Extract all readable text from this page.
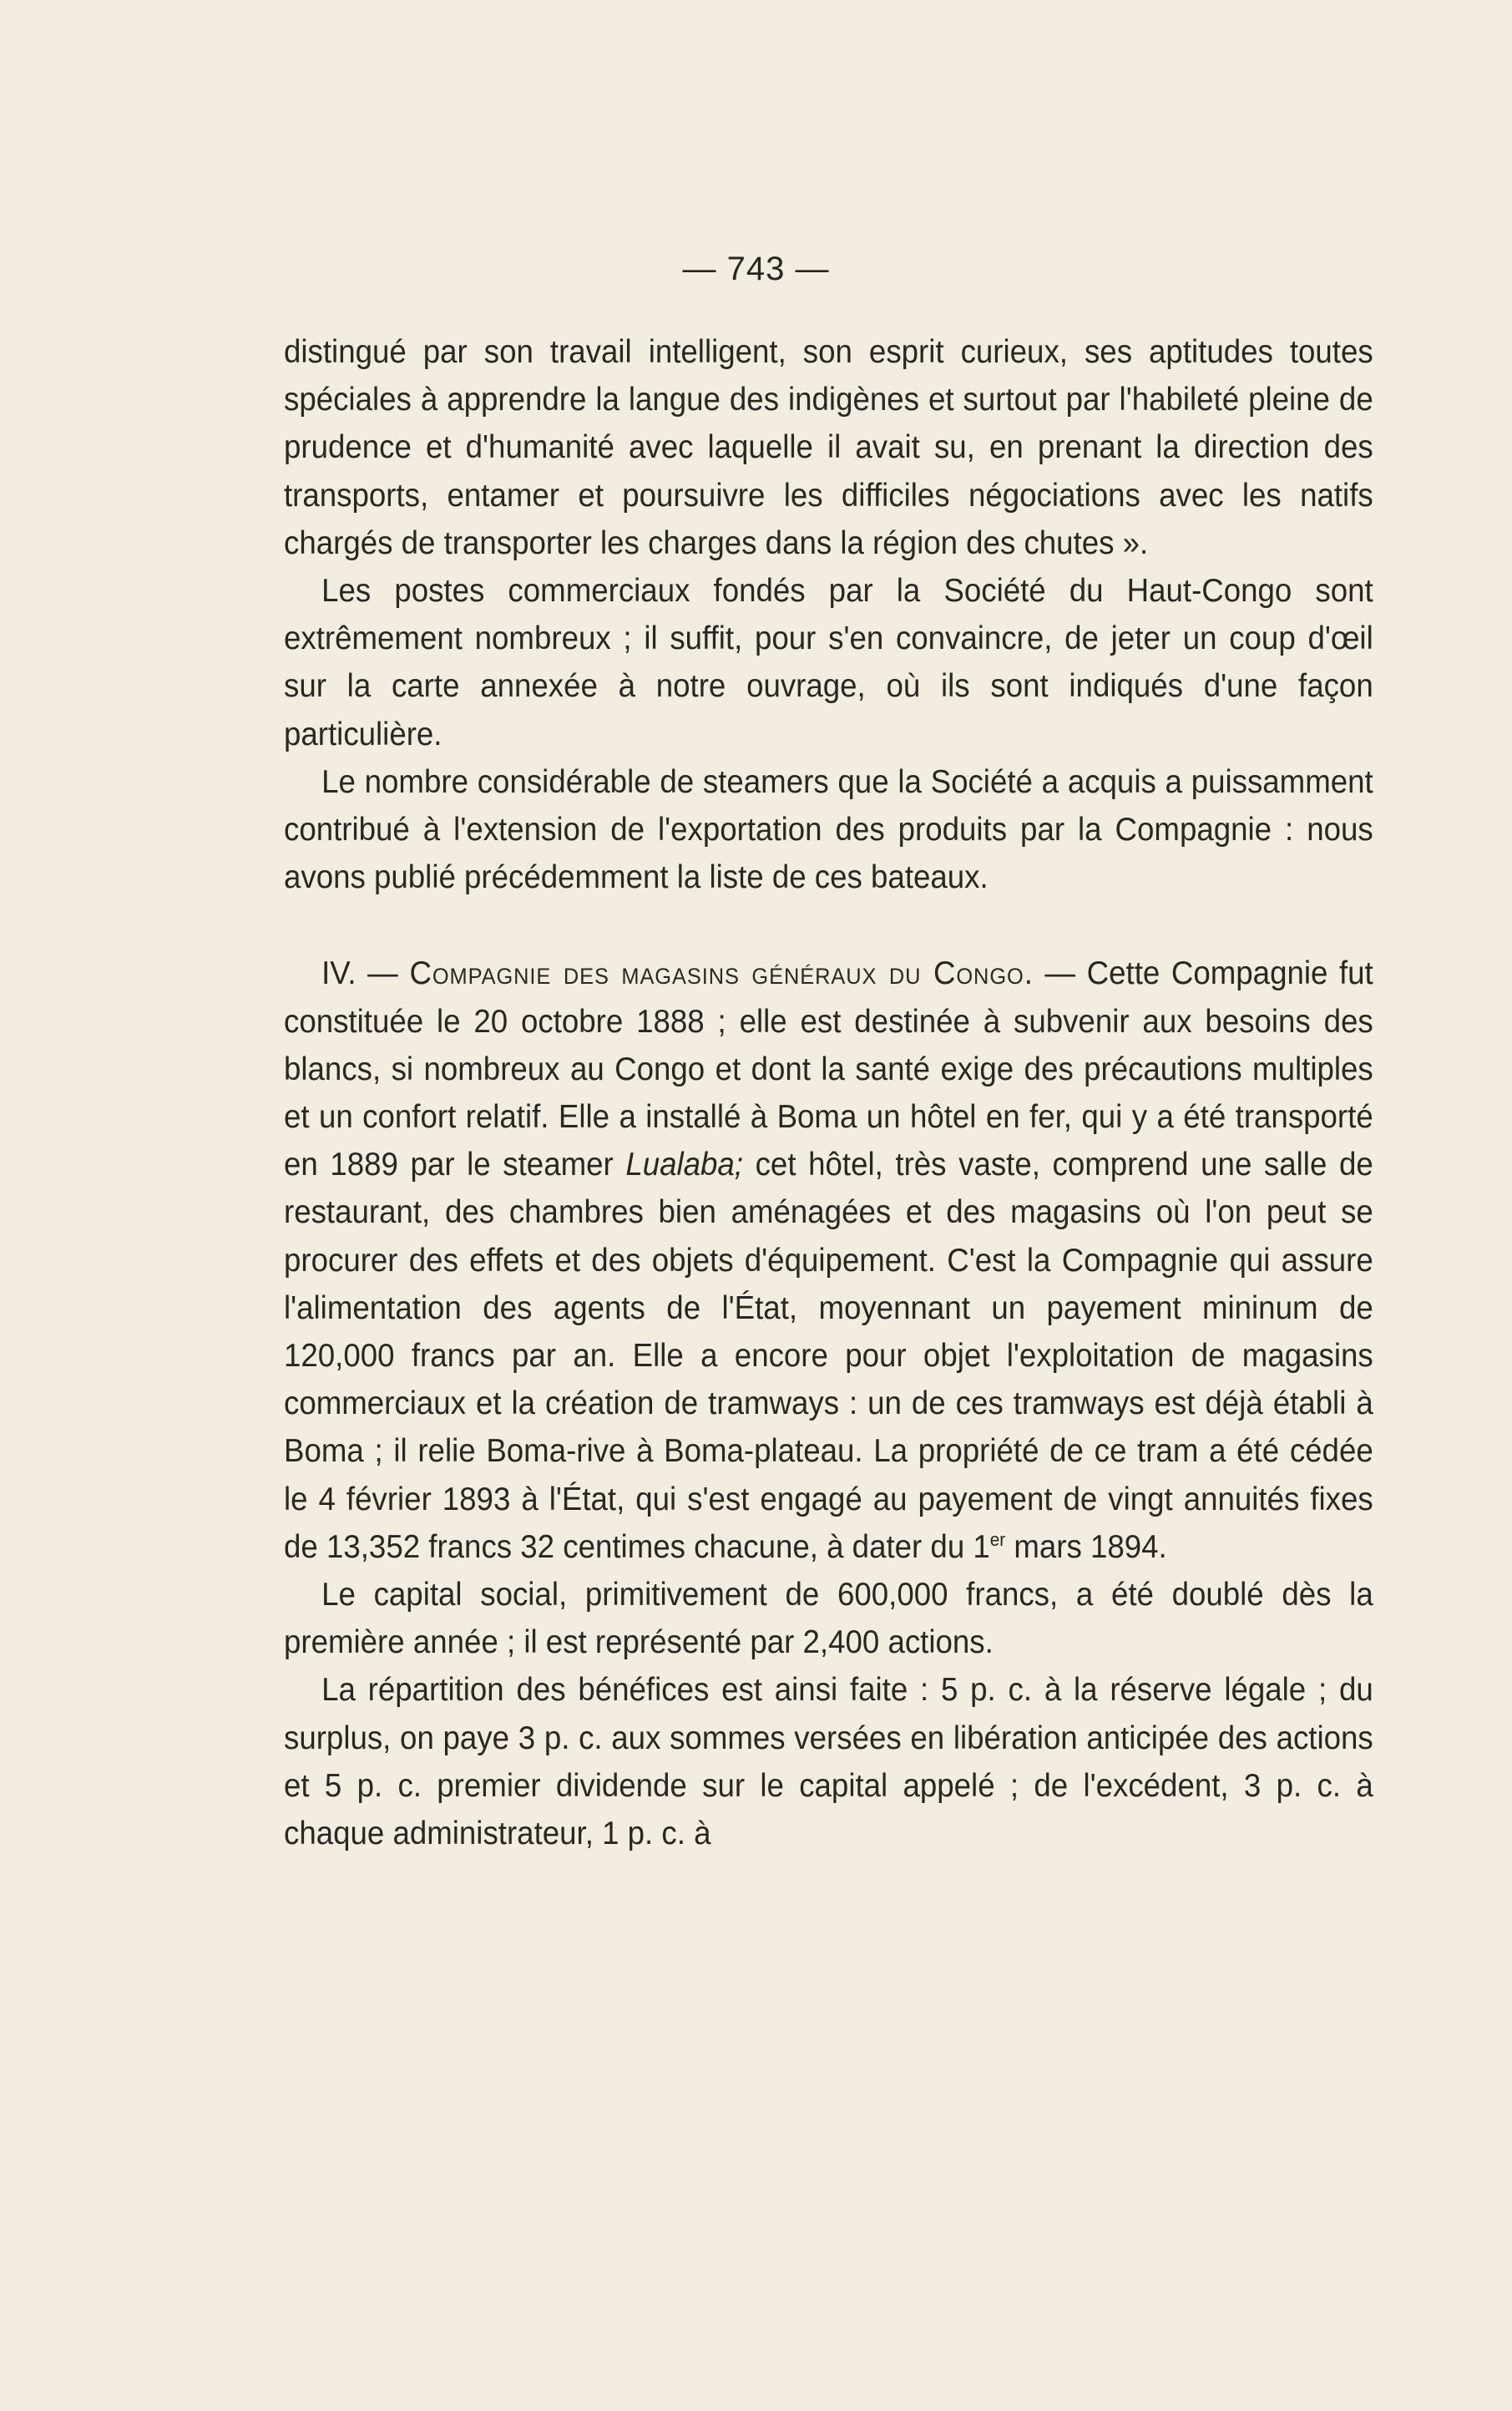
— 743 —

distingué par son travail intelligent, son esprit curieux, ses aptitudes toutes spéciales à apprendre la langue des indigènes et surtout par l'habileté pleine de prudence et d'humanité avec laquelle il avait su, en prenant la direction des transports, entamer et poursuivre les difficiles négociations avec les natifs chargés de transporter les charges dans la région des chutes ».

Les postes commerciaux fondés par la Société du Haut-Congo sont extrêmement nombreux ; il suffit, pour s'en convaincre, de jeter un coup d'œil sur la carte annexée à notre ouvrage, où ils sont indiqués d'une façon particulière.

Le nombre considérable de steamers que la Société a acquis a puissamment contribué à l'extension de l'exportation des produits par la Compagnie : nous avons publié précédemment la liste de ces bateaux.

IV. — Compagnie des magasins généraux du Congo. — Cette Compagnie fut constituée le 20 octobre 1888 ; elle est destinée à subvenir aux besoins des blancs, si nombreux au Congo et dont la santé exige des précautions multiples et un confort relatif. Elle a installé à Boma un hôtel en fer, qui y a été transporté en 1889 par le steamer Lualaba; cet hôtel, très vaste, comprend une salle de restaurant, des chambres bien aménagées et des magasins où l'on peut se procurer des effets et des objets d'équipement. C'est la Compagnie qui assure l'alimentation des agents de l'État, moyennant un payement mininum de 120,000 francs par an. Elle a encore pour objet l'exploitation de magasins commerciaux et la création de tramways : un de ces tramways est déjà établi à Boma ; il relie Boma-rive à Boma-plateau. La propriété de ce tram a été cédée le 4 février 1893 à l'État, qui s'est engagé au payement de vingt annuités fixes de 13,352 francs 32 centimes chacune, à dater du 1er mars 1894.

Le capital social, primitivement de 600,000 francs, a été doublé dès la première année ; il est représenté par 2,400 actions.

La répartition des bénéfices est ainsi faite : 5 p. c. à la réserve légale ; du surplus, on paye 3 p. c. aux sommes versées en libération anticipée des actions et 5 p. c. premier dividende sur le capital appelé ; de l'excédent, 3 p. c. à chaque administrateur, 1 p. c. à
